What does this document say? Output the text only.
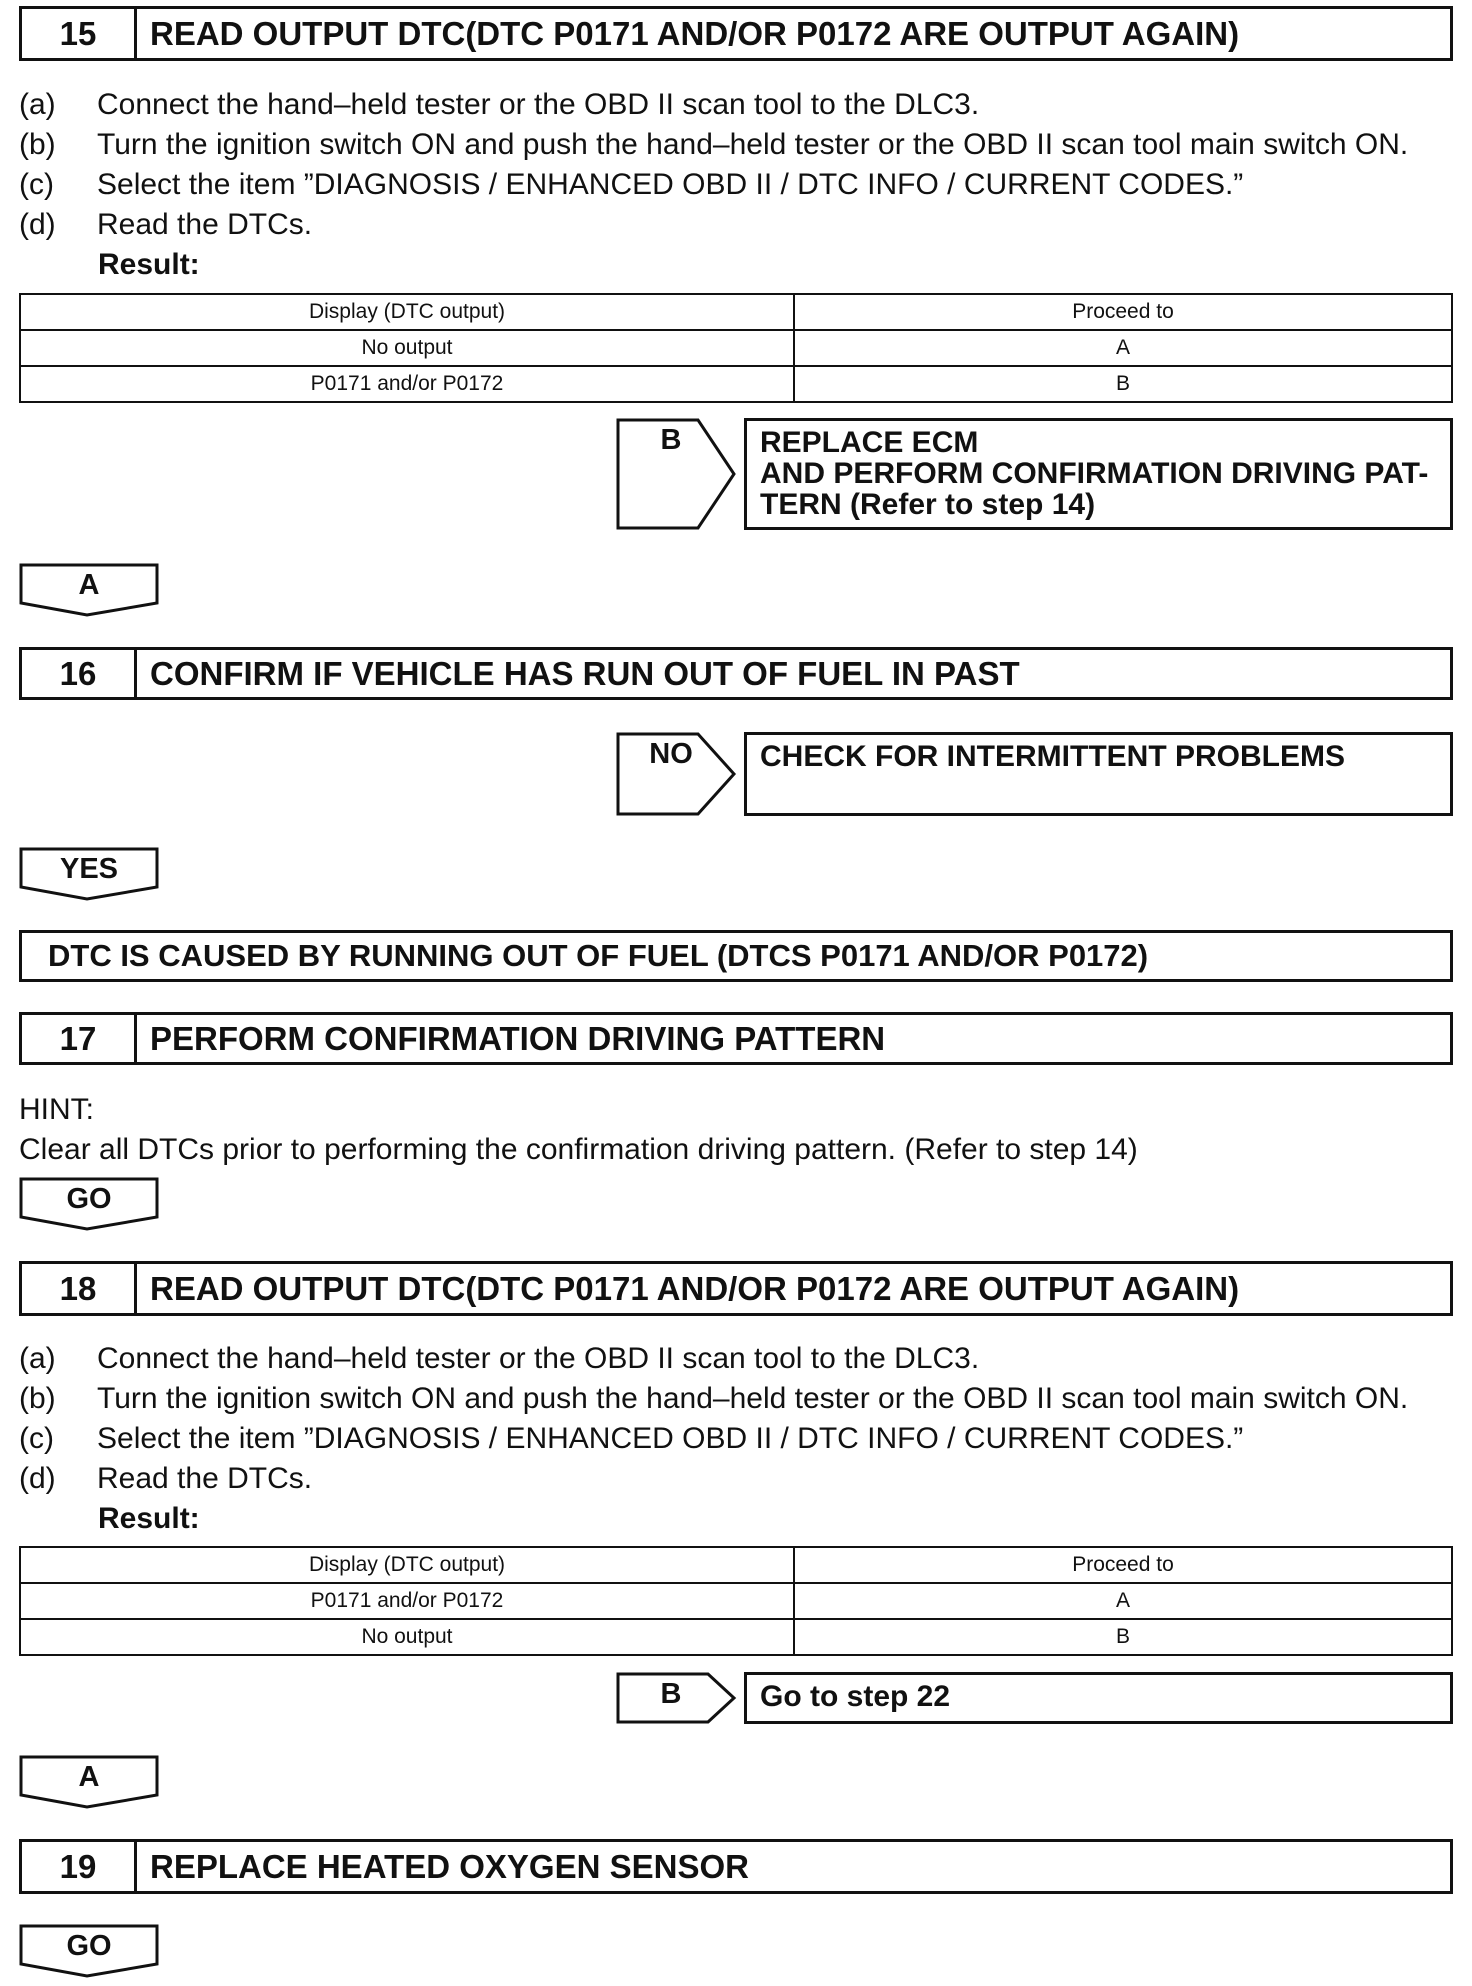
15	READ OUTPUT DTC(DTC P0171 AND/OR P0172 ARE OUTPUT AGAIN)
(a) Connect the hand–held tester or the OBD II scan tool to the DLC3.
(b) Turn the ignition switch ON and push the hand–held tester or the OBD II scan tool main switch ON.
(c) Select the item ”DIAGNOSIS / ENHANCED OBD II / DTC INFO / CURRENT CODES.”
(d) Read the DTCs.
Result:
Display (DTC output)	Proceed to
No output	A
P0171 and/or P0172	B
B	REPLACE ECM
AND PERFORM CONFIRMATION DRIVING PAT-
TERN (Refer to step 14)
A
16	CONFIRM IF VEHICLE HAS RUN OUT OF FUEL IN PAST
NO	CHECK FOR INTERMITTENT PROBLEMS
YES
DTC IS CAUSED BY RUNNING OUT OF FUEL (DTCS P0171 AND/OR P0172)
17	PERFORM CONFIRMATION DRIVING PATTERN
HINT:
Clear all DTCs prior to performing the confirmation driving pattern. (Refer to step 14)
GO
18	READ OUTPUT DTC(DTC P0171 AND/OR P0172 ARE OUTPUT AGAIN)
(a) Connect the hand–held tester or the OBD II scan tool to the DLC3.
(b) Turn the ignition switch ON and push the hand–held tester or the OBD II scan tool main switch ON.
(c) Select the item ”DIAGNOSIS / ENHANCED OBD II / DTC INFO / CURRENT CODES.”
(d) Read the DTCs.
Result:
Display (DTC output)	Proceed to
P0171 and/or P0172	A
No output	B
B	Go to step 22
A
19	REPLACE HEATED OXYGEN SENSOR
GO
